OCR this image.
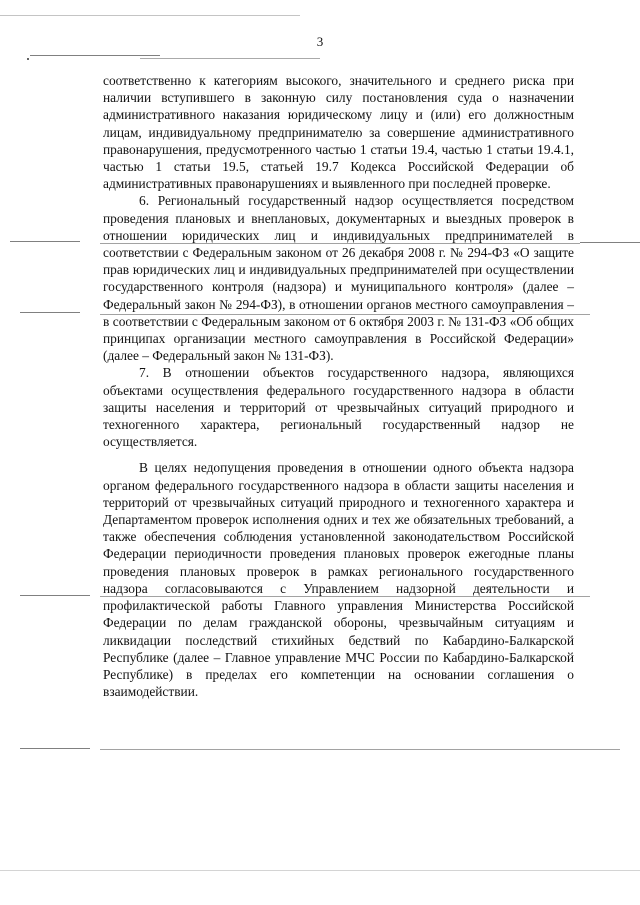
3

соответственно к категориям высокого, значительного и среднего риска при наличии вступившего в законную силу постановления суда о назначении административного наказания юридическому лицу и (или) его должностным лицам, индивидуальному предпринимателю за совершение административного правонарушения, предусмотренного частью 1 статьи 19.4, частью 1 статьи 19.4.1, частью 1 статьи 19.5, статьей 19.7 Кодекса Российской Федерации об административных правонарушениях и выявленного при последней проверке.

6. Региональный государственный надзор осуществляется посредством проведения плановых и внеплановых, документарных и выездных проверок в отношении юридических лиц и индивидуальных предпринимателей в соответствии с Федеральным законом от 26 декабря 2008 г. № 294-ФЗ «О защите прав юридических лиц и индивидуальных предпринимателей при осуществлении государственного контроля (надзора) и муниципального контроля» (далее – Федеральный закон № 294-ФЗ), в отношении органов местного самоуправления – в соответствии с Федеральным законом от 6 октября 2003 г. № 131-ФЗ «Об общих принципах организации местного самоуправления в Российской Федерации» (далее – Федеральный закон № 131-ФЗ).

7. В отношении объектов государственного надзора, являющихся объектами осуществления федерального государственного надзора в области защиты населения и территорий от чрезвычайных ситуаций природного и техногенного характера, региональный государственный надзор не осуществляется.

В целях недопущения проведения в отношении одного объекта надзора органом федерального государственного надзора в области защиты населения и территорий от чрезвычайных ситуаций природного и техногенного характера и Департаментом проверок исполнения одних и тех же обязательных требований, а также обеспечения соблюдения установленной законодательством Российской Федерации периодичности проведения плановых проверок ежегодные планы проведения плановых проверок в рамках регионального государственного надзора согласовываются с Управлением надзорной деятельности и профилактической работы Главного управления Министерства Российской Федерации по делам гражданской обороны, чрезвычайным ситуациям и ликвидации последствий стихийных бедствий по Кабардино-Балкарской Республике (далее – Главное управление МЧС России по Кабардино-Балкарской Республике) в пределах его компетенции на основании соглашения о взаимодействии.
